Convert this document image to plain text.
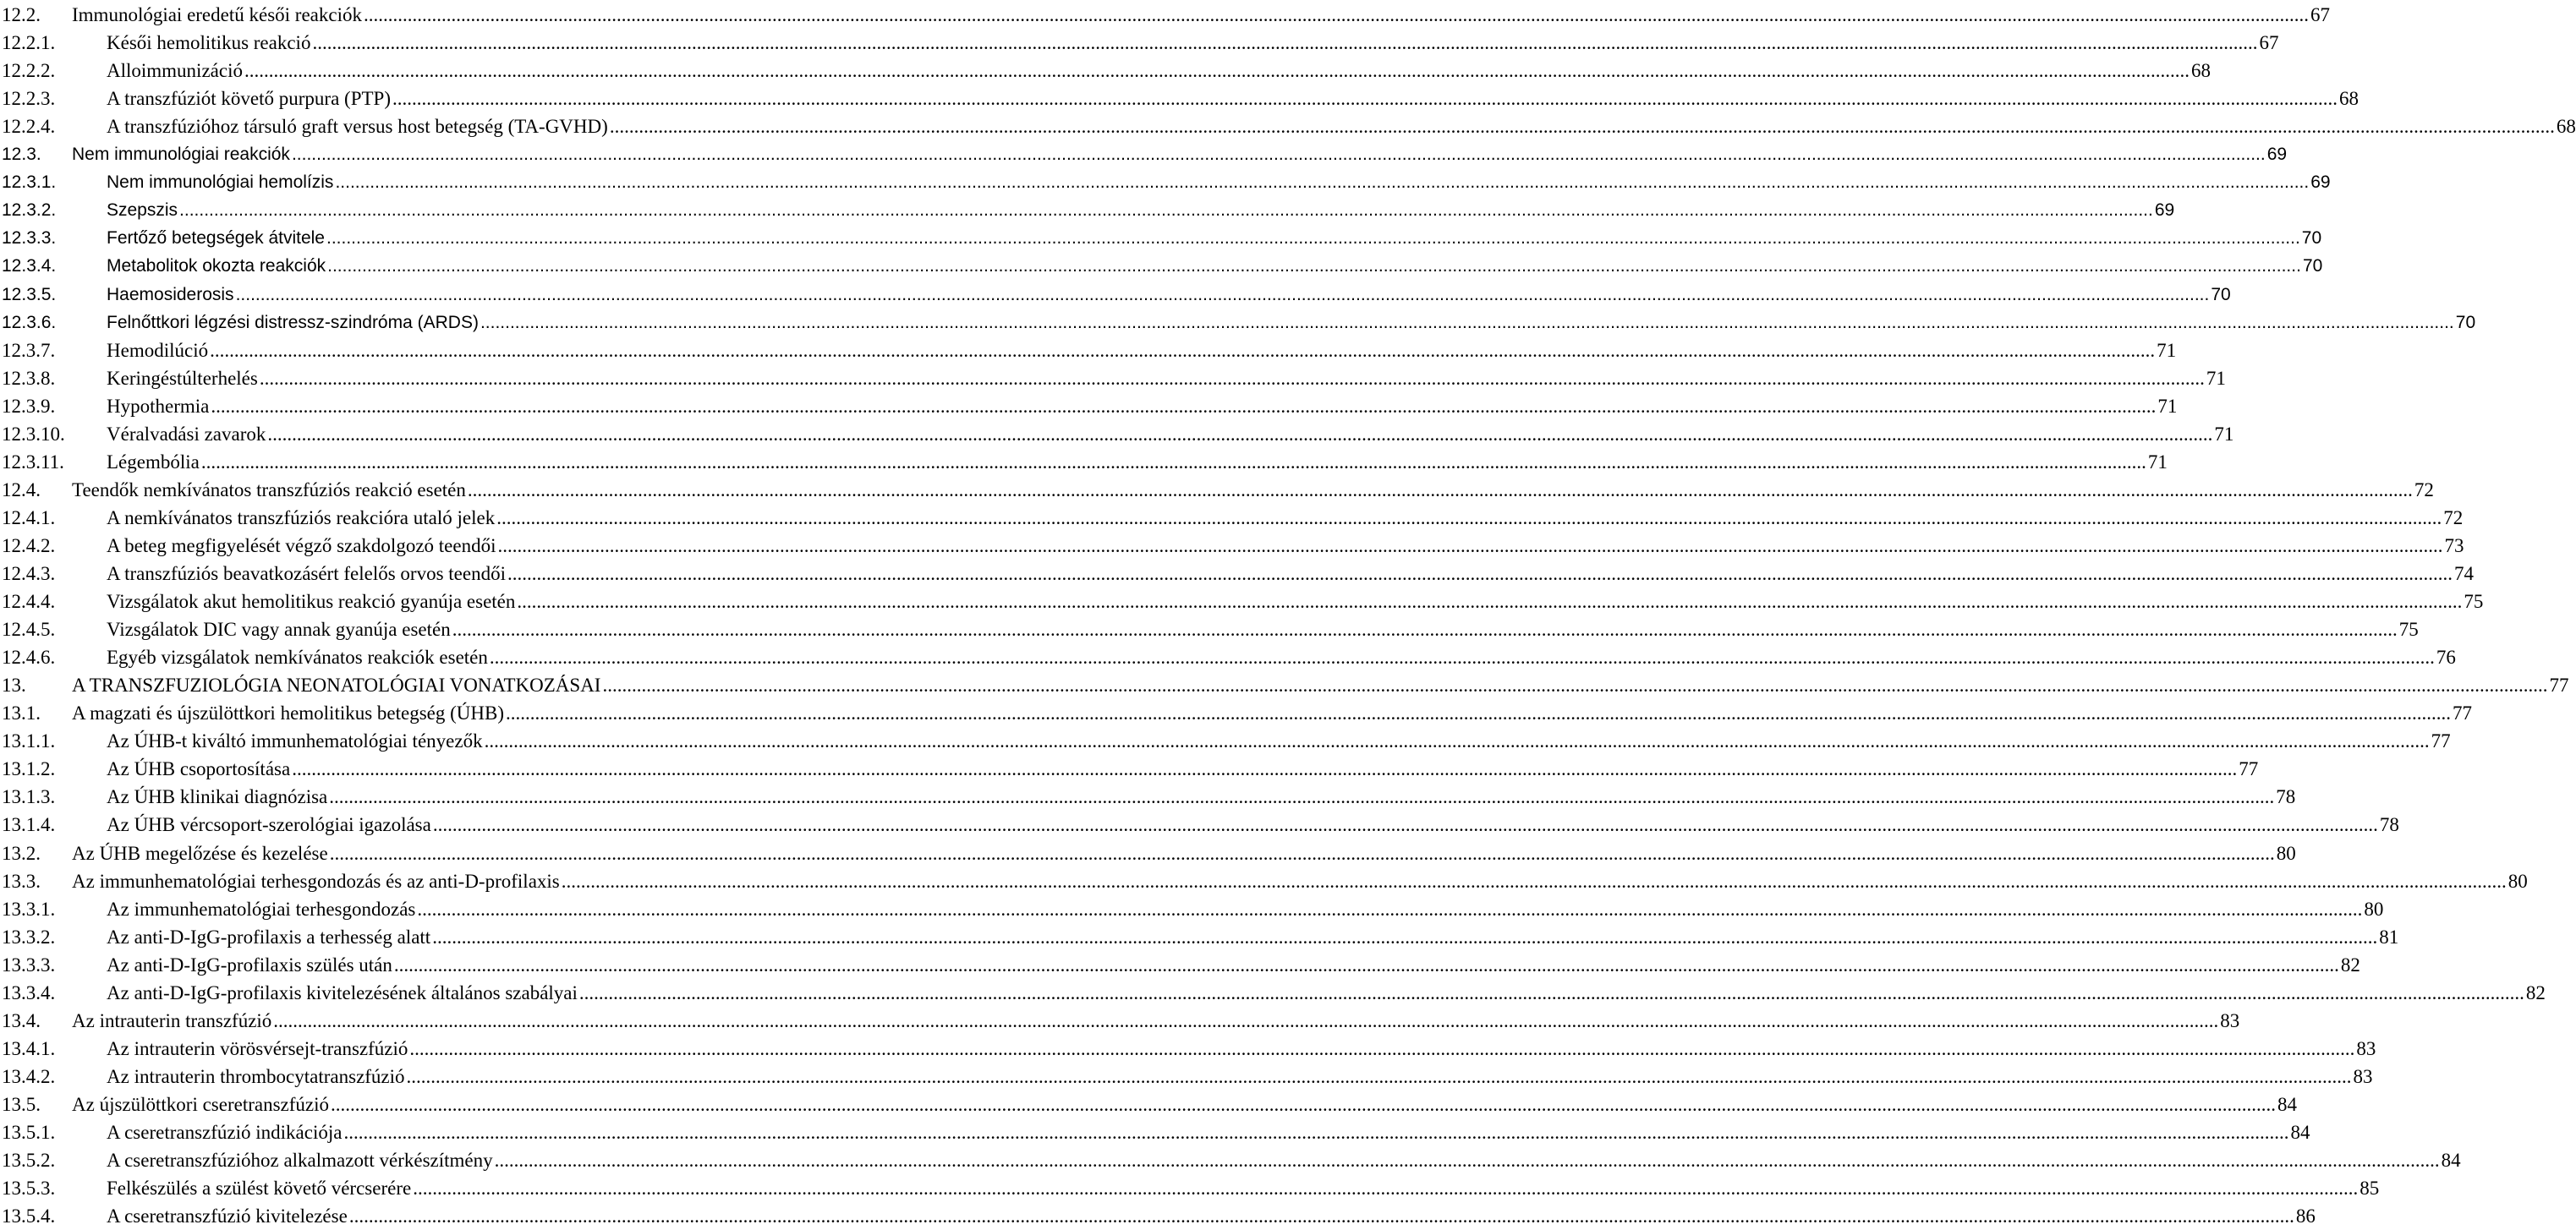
12.2. Immunológiai eredetű késői reakciók ................................................................................................................................................................................................................................................................................................................................................................................................................ 67
12.2.1.	Késői hemolitikus reakció ................................................................................................................................................................................................................................................................................................................................................................................................................ 67
12.2.2.	Alloimmunizáció ................................................................................................................................................................................................................................................................................................................................................................................................................ 68
12.2.3.	A transzfúziót követő purpura (PTP) ................................................................................................................................................................................................................................................................................................................................................................................................................ 68
12.2.4.	A transzfúzióhoz társuló graft versus host betegség (TA-GVHD) ................................................................................................................................................................................................................................................................................................................................................................................................................ 68
12.3. Nem immunológiai reakciók ................................................................................................................................................................................................................................................................................................................................................................................................................ 69
12.3.1.	Nem immunológiai hemolízis ................................................................................................................................................................................................................................................................................................................................................................................................................ 69
12.3.2.	Szepszis ................................................................................................................................................................................................................................................................................................................................................................................................................ 69
12.3.3.	Fertőző betegségek átvitele ................................................................................................................................................................................................................................................................................................................................................................................................................ 70
12.3.4.	Metabolitok okozta reakciók ................................................................................................................................................................................................................................................................................................................................................................................................................ 70
12.3.5.	Haemosiderosis ................................................................................................................................................................................................................................................................................................................................................................................................................ 70
12.3.6.	Felnőttkori légzési distressz-szindróma (ARDS) ................................................................................................................................................................................................................................................................................................................................................................................................................ 70
12.3.7.	Hemodilúció ................................................................................................................................................................................................................................................................................................................................................................................................................ 71
12.3.8.	Keringéstúlterhelés ................................................................................................................................................................................................................................................................................................................................................................................................................ 71
12.3.9.	Hypothermia ................................................................................................................................................................................................................................................................................................................................................................................................................ 71
12.3.10. Véralvadási zavarok ................................................................................................................................................................................................................................................................................................................................................................................................................ 71
12.3.11. Légembólia ................................................................................................................................................................................................................................................................................................................................................................................................................ 71
12.4. Teendők nemkívánatos transzfúziós reakció esetén ................................................................................................................................................................................................................................................................................................................................................................................................................ 72
12.4.1.	A nemkívánatos transzfúziós reakcióra utaló jelek ................................................................................................................................................................................................................................................................................................................................................................................................................ 72
12.4.2.	A beteg megfigyelését végző szakdolgozó teendői ................................................................................................................................................................................................................................................................................................................................................................................................................ 73
12.4.3.	A transzfúziós beavatkozásért felelős orvos teendői ................................................................................................................................................................................................................................................................................................................................................................................................................ 74
12.4.4.	Vizsgálatok akut hemolitikus reakció gyanúja esetén ................................................................................................................................................................................................................................................................................................................................................................................................................ 75
12.4.5.	Vizsgálatok DIC vagy annak gyanúja esetén ................................................................................................................................................................................................................................................................................................................................................................................................................ 75
12.4.6.	Egyéb vizsgálatok nemkívánatos reakciók esetén ................................................................................................................................................................................................................................................................................................................................................................................................................ 76
13. A TRANSZFUZIOLÓGIA NEONATOLÓGIAI VONATKOZÁSAI ................................................................................................................................................................................................................................................................................................................................................................................................................ 77
13.1. A magzati és újszülöttkori hemolitikus betegség (ÚHB) ................................................................................................................................................................................................................................................................................................................................................................................................................ 77
13.1.1.	Az ÚHB-t kiváltó immunhematológiai tényezők ................................................................................................................................................................................................................................................................................................................................................................................................................ 77
13.1.2.	Az ÚHB csoportosítása ................................................................................................................................................................................................................................................................................................................................................................................................................ 77
13.1.3.	Az ÚHB klinikai diagnózisa ................................................................................................................................................................................................................................................................................................................................................................................................................ 78
13.1.4.	Az ÚHB vércsoport-szerológiai igazolása ................................................................................................................................................................................................................................................................................................................................................................................................................ 78
13.2. Az ÚHB megelőzése és kezelése ................................................................................................................................................................................................................................................................................................................................................................................................................ 80
13.3. Az immunhematológiai terhesgondozás és az anti-D-profilaxis ................................................................................................................................................................................................................................................................................................................................................................................................................ 80
13.3.1.	Az immunhematológiai terhesgondozás ................................................................................................................................................................................................................................................................................................................................................................................................................ 80
13.3.2.	Az anti-D-IgG-profilaxis a terhesség alatt ................................................................................................................................................................................................................................................................................................................................................................................................................ 81
13.3.3.	Az anti-D-IgG-profilaxis szülés után ................................................................................................................................................................................................................................................................................................................................................................................................................ 82
13.3.4.	Az anti-D-IgG-profilaxis kivitelezésének általános szabályai ................................................................................................................................................................................................................................................................................................................................................................................................................ 82
13.4. Az intrauterin transzfúzió ................................................................................................................................................................................................................................................................................................................................................................................................................ 83
13.4.1.	Az intrauterin vörösvérsejt-transzfúzió ................................................................................................................................................................................................................................................................................................................................................................................................................ 83
13.4.2.	Az intrauterin thrombocytatranszfúzió ................................................................................................................................................................................................................................................................................................................................................................................................................ 83
13.5. Az újszülöttkori cseretranszfúzió ................................................................................................................................................................................................................................................................................................................................................................................................................ 84
13.5.1.	A cseretranszfúzió indikációja ................................................................................................................................................................................................................................................................................................................................................................................................................ 84
13.5.2.	A cseretranszfúzióhoz alkalmazott vérkészítmény ................................................................................................................................................................................................................................................................................................................................................................................................................ 84
13.5.3.	Felkészülés a szülést követő vércserére ................................................................................................................................................................................................................................................................................................................................................................................................................ 85
13.5.4.	A cseretranszfúzió kivitelezése ................................................................................................................................................................................................................................................................................................................................................................................................................ 86
